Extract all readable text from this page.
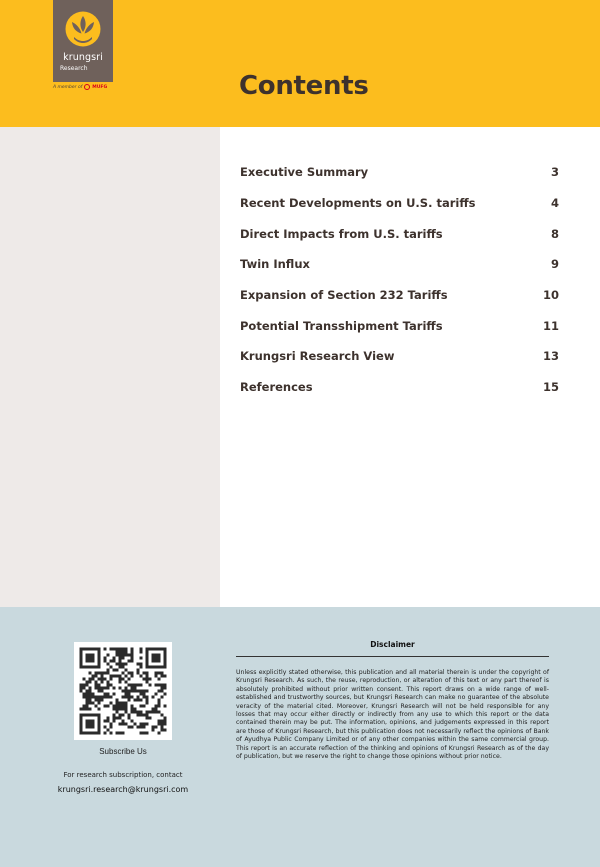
krungsri
Research
A member of MUFG	Contents
Executive Summary	3
Recent Developments on U.S. tariffs	4
Direct Impacts from U.S. tariffs	8
Twin Influx	9
Expansion of Section 232 Tariffs	10
Potential Transshipment Tariffs	11
Krungsri Research View	13
References	15
Subscribe Us
For research subscription, contact
krungsri.research@krungsri.com
Disclaimer

Unless explicitly stated otherwise, this publication and all material therein is under the copyright of Krungsri Research. As such, the reuse, reproduction, or alteration of this text or any part thereof is absolutely prohibited without prior written consent. This report draws on a wide range of well-established and trustworthy sources, but Krungsri Research can make no guarantee of the absolute veracity of the material cited. Moreover, Krungsri Research will not be held responsible for any losses that may occur either directly or indirectly from any use to which this report or the data contained therein may be put. The information, opinions, and judgements expressed in this report are those of Krungsri Research, but this publication does not necessarily reflect the opinions of Bank of Ayudhya Public Company Limited or of any other companies within the same commercial group. This report is an accurate reflection of the thinking and opinions of Krungsri Research as of the day of publication, but we reserve the right to change those opinions without prior notice.
